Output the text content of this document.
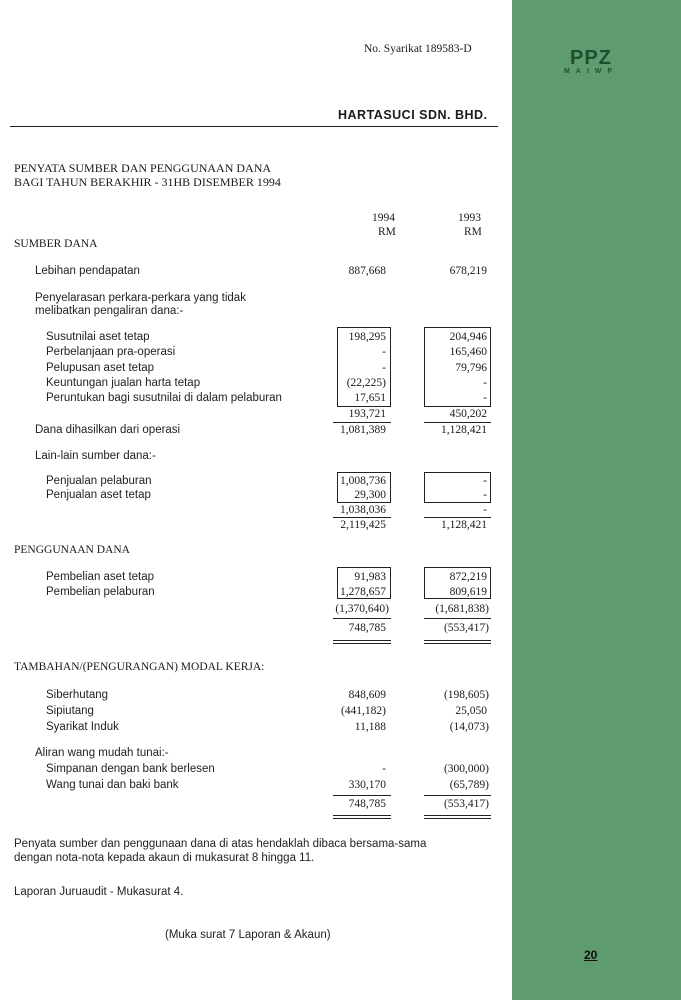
PPZ
MAIWP
20
No. Syarikat 189583-D
HARTASUCI SDN. BHD.
PENYATA SUMBER DAN PENGGUNAAN DANA
BAGI TAHUN BERAKHIR - 31HB DISEMBER 1994
1994	1993
RM	RM
SUMBER DANA
Lebihan pendapatan	887,668	678,219
Penyelarasan perkara-perkara yang tidak
melibatkan pengaliran dana:-
Susutnilai aset tetap	198,295	204,946
Perbelanjaan pra-operasi	-	165,460
Pelupusan aset tetap	-	79,796
Keuntungan jualan harta tetap	(22,225)	-
Peruntukan bagi susutnilai di dalam pelaburan	17,651	-
193,721	450,202
Dana dihasilkan dari operasi	1,081,389	1,128,421
Lain-lain sumber dana:-
Penjualan pelaburan	1,008,736	-
Penjualan aset tetap	29,300	-
1,038,036	-
2,119,425	1,128,421
PENGGUNAAN DANA
Pembelian aset tetap	91,983	872,219
Pembelian pelaburan	1,278,657	809,619
(1,370,640)	(1,681,838)
748,785	(553,417)
TAMBAHAN/(PENGURANGAN) MODAL KERJA:
Siberhutang	848,609	(198,605)
Sipiutang	(441,182)	25,050
Syarikat Induk	11,188	(14,073)
Aliran wang mudah tunai:-
Simpanan dengan bank berlesen	-	(300,000)
Wang tunai dan baki bank	330,170	(65,789)
748,785	(553,417)
Penyata sumber dan penggunaan dana di atas hendaklah dibaca bersama-sama
dengan nota-nota kepada akaun di mukasurat 8 hingga 11.
Laporan Juruaudit - Mukasurat 4.
(Muka surat 7 Laporan & Akaun)
